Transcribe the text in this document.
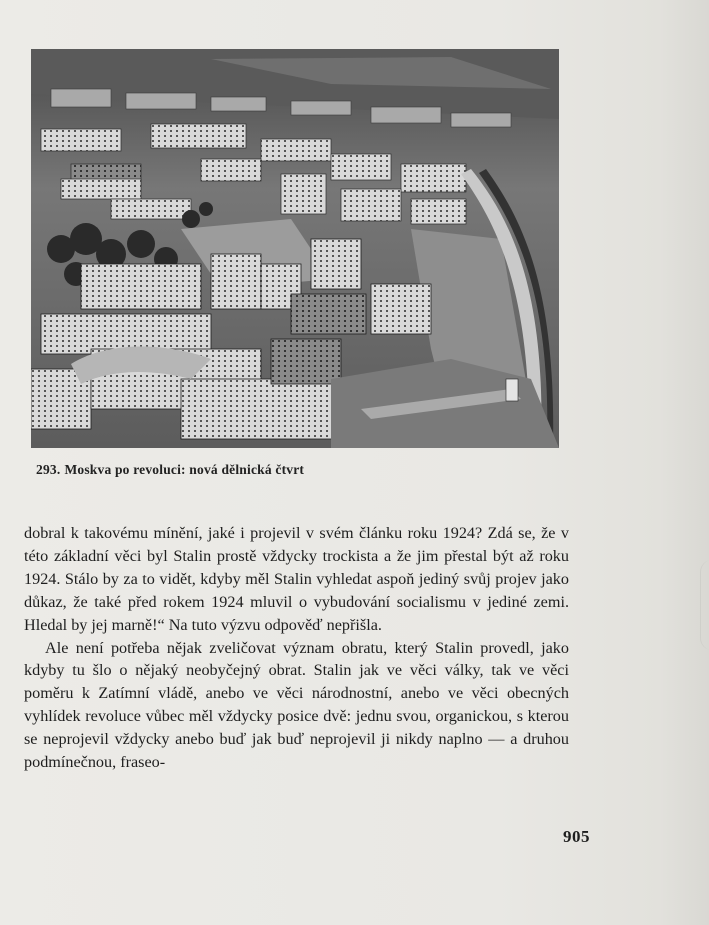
293. Moskva po revoluci: nová dělnická čtvrt

dobral k takovému mínění, jaké i projevil v svém článku roku 1924? Zdá se, že v této základní věci byl Stalin prostě vždycky trockista a že jim přestal být až roku 1924. Stálo by za to vidět, kdyby měl Stalin vyhledat aspoň jediný svůj projev jako důkaz, že také před rokem 1924 mluvil o vybudování socialismu v jediné zemi. Hledal by jej marně!“ Na tuto výzvu odpověď nepřišla.

Ale není potřeba nějak zveličovat význam obratu, který Stalin provedl, jako kdyby tu šlo o nějaký neobyčejný obrat. Stalin jak ve věci války, tak ve věci poměru k Zatímní vládě, anebo ve věci národnostní, anebo ve věci obecných vyhlídek revoluce vůbec měl vždycky posice dvě: jednu svou, organickou, s kterou se neprojevil vždycky anebo buď jak buď neprojevil ji nikdy naplno — a druhou podmínečnou, fraseo-

905
